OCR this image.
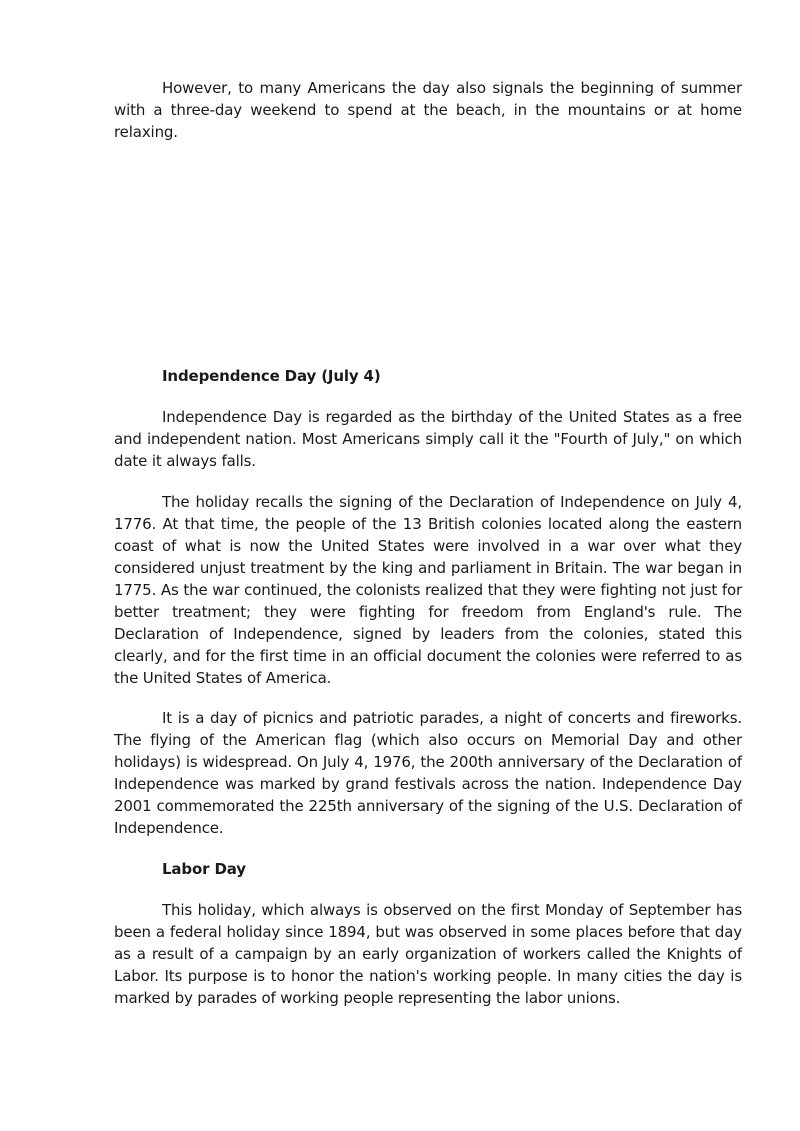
However, to many Americans the day also signals the beginning of summer with a three-day weekend to spend at the beach, in the mountains or at home relaxing.

Independence Day (July 4)

Independence Day is regarded as the birthday of the United States as a free and independent nation. Most Americans simply call it the "Fourth of July," on which date it always falls.

The holiday recalls the signing of the Declaration of Independence on July 4, 1776. At that time, the people of the 13 British colonies located along the eastern coast of what is now the United States were involved in a war over what they considered unjust treatment by the king and parliament in Britain. The war began in 1775. As the war continued, the colonists realized that they were fighting not just for better treatment; they were fighting for freedom from England's rule. The Declaration of Independence, signed by leaders from the colonies, stated this clearly, and for the first time in an official document the colonies were referred to as the United States of America.

It is a day of picnics and patriotic parades, a night of concerts and fireworks. The flying of the American flag (which also occurs on Memorial Day and other holidays) is widespread. On July 4, 1976, the 200th anniversary of the Declaration of Independence was marked by grand festivals across the nation. Independence Day 2001 commemorated the 225th anniversary of the signing of the U.S. Declaration of Independence.

Labor Day

This holiday, which always is observed on the first Monday of September has been a federal holiday since 1894, but was observed in some places before that day as a result of a campaign by an early organization of workers called the Knights of Labor. Its purpose is to honor the nation's working people. In many cities the day is marked by parades of working people representing the labor unions.
